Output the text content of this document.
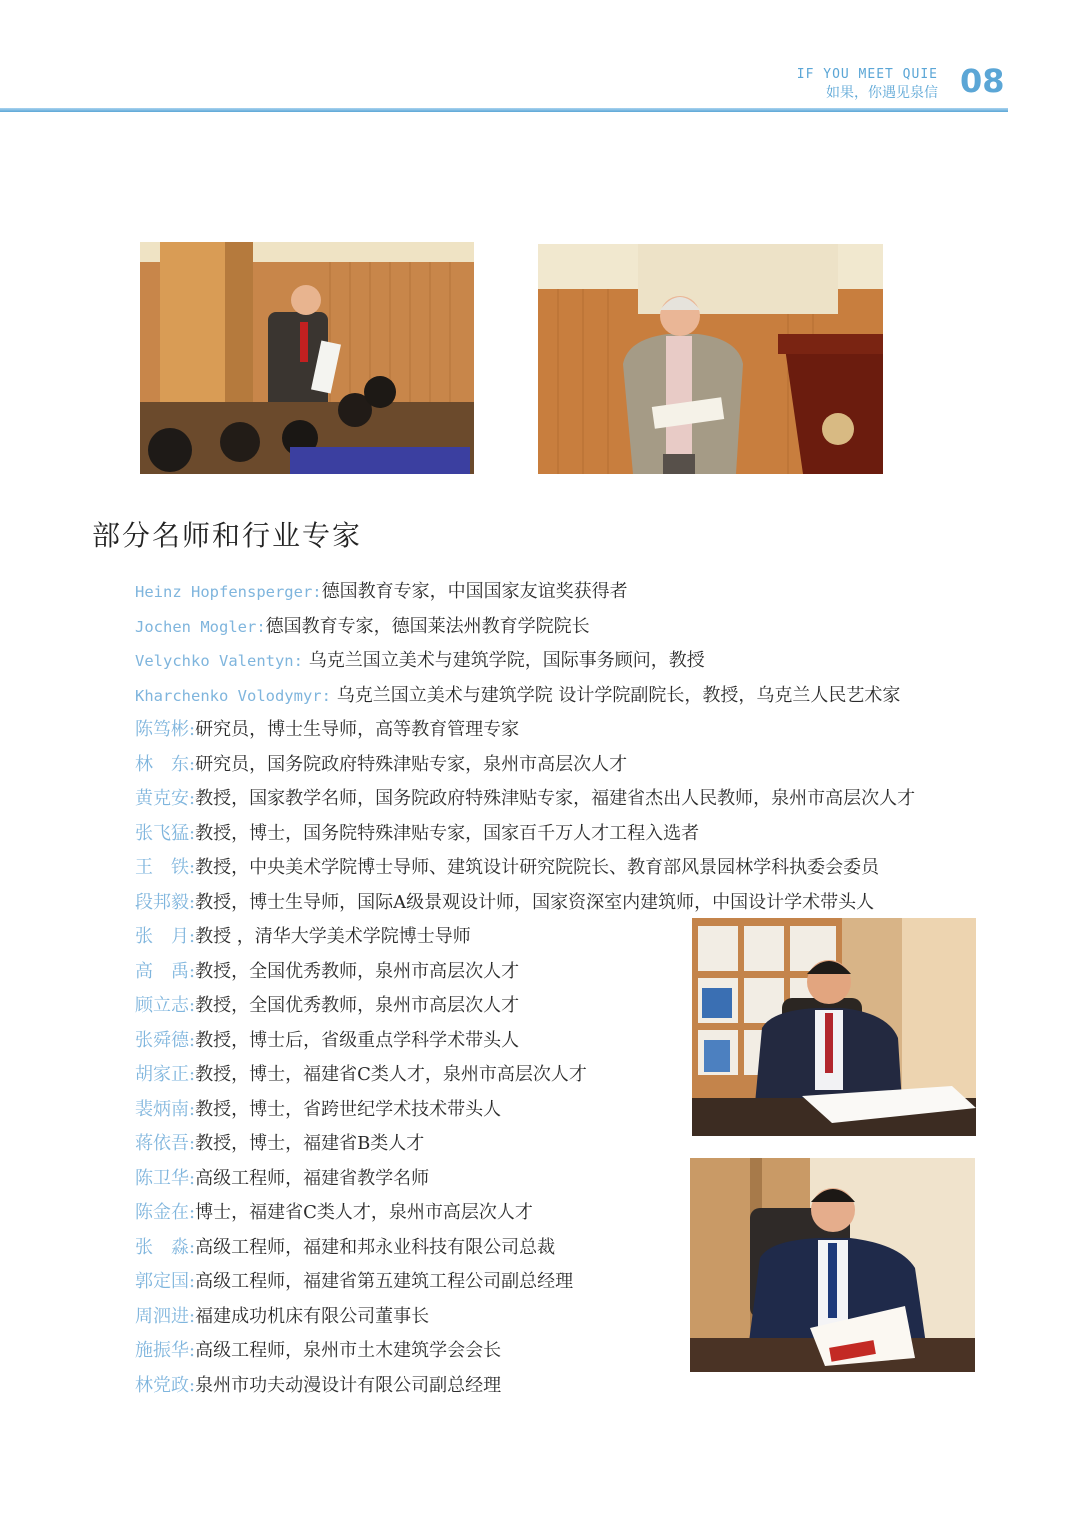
IF YOU MEET QUIE
如果，你遇见泉信 08
部分名师和行业专家
Heinz Hopfensperger:德国教育专家，中国国家友谊奖获得者
Jochen Mogler:德国教育专家，德国莱法州教育学院院长
Velychko Valentyn: 乌克兰国立美术与建筑学院，国际事务顾问，教授
Kharchenko Volodymyr: 乌克兰国立美术与建筑学院 设计学院副院长，教授，乌克兰人民艺术家
陈笃彬:研究员，博士生导师，高等教育管理专家
林　东:研究员，国务院政府特殊津贴专家，泉州市高层次人才
黄克安:教授，国家教学名师，国务院政府特殊津贴专家，福建省杰出人民教师，泉州市高层次人才
张飞猛:教授，博士，国务院特殊津贴专家，国家百千万人才工程入选者
王　铁:教授，中央美术学院博士导师、建筑设计研究院院长、教育部风景园林学科执委会委员
段邦毅:教授，博士生导师，国际A级景观设计师，国家资深室内建筑师，中国设计学术带头人
张　月:教授 ，清华大学美术学院博士导师
高　禹:教授，全国优秀教师，泉州市高层次人才
顾立志:教授，全国优秀教师，泉州市高层次人才
张舜德:教授，博士后，省级重点学科学术带头人
胡家正:教授，博士，福建省C类人才，泉州市高层次人才
裴炳南:教授，博士，省跨世纪学术技术带头人
蒋依吾:教授，博士，福建省B类人才
陈卫华:高级工程师，福建省教学名师
陈金在:博士，福建省C类人才，泉州市高层次人才
张　淼:高级工程师，福建和邦永业科技有限公司总裁
郭定国:高级工程师，福建省第五建筑工程公司副总经理
周泗进:福建成功机床有限公司董事长
施振华:高级工程师，泉州市土木建筑学会会长
林党政:泉州市功夫动漫设计有限公司副总经理
